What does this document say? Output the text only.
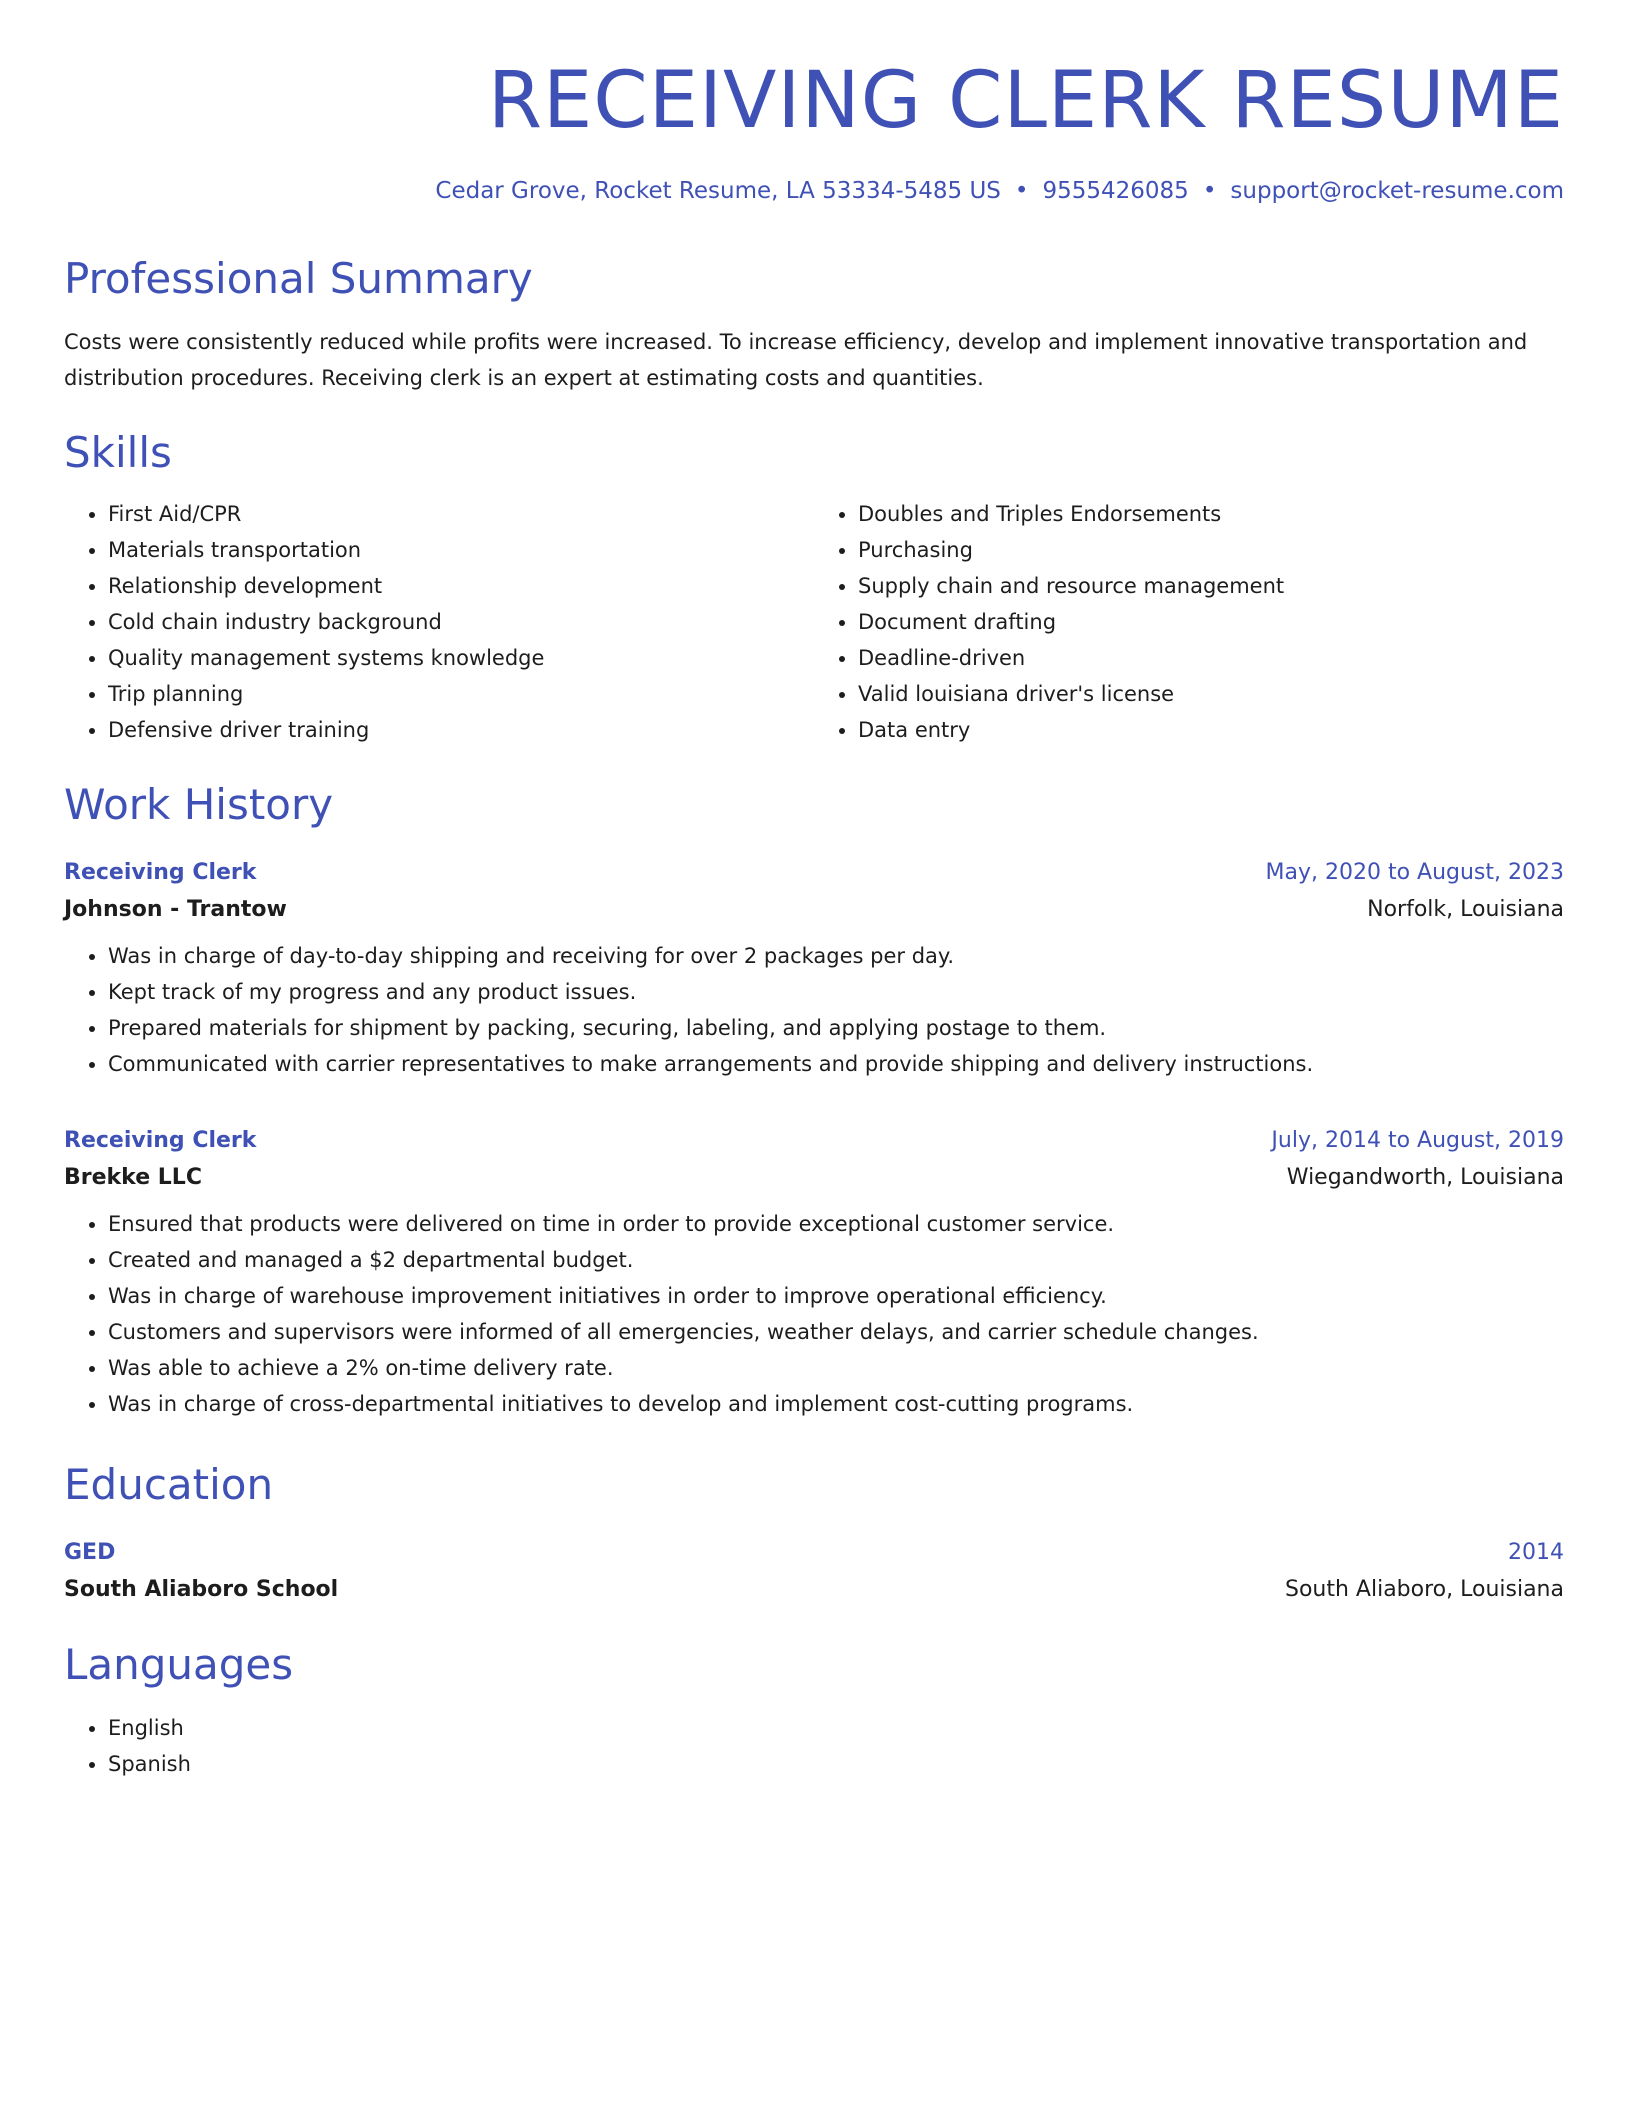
RECEIVING CLERK RESUME
Cedar Grove, Rocket Resume, LA 53334-5485 US • 9555426085 • support@rocket-resume.com
Professional Summary
Costs were consistently reduced while profits were increased. To increase efficiency, develop and implement innovative transportation and distribution procedures. Receiving clerk is an expert at estimating costs and quantities.
Skills
• First Aid/CPR
• Materials transportation
• Relationship development
• Cold chain industry background
• Quality management systems knowledge
• Trip planning
• Defensive driver training
• Doubles and Triples Endorsements
• Purchasing
• Supply chain and resource management
• Document drafting
• Deadline-driven
• Valid louisiana driver's license
• Data entry
Work History
Receiving Clerk	May, 2020 to August, 2023
Johnson - Trantow	Norfolk, Louisiana
• Was in charge of day-to-day shipping and receiving for over 2 packages per day.
• Kept track of my progress and any product issues.
• Prepared materials for shipment by packing, securing, labeling, and applying postage to them.
• Communicated with carrier representatives to make arrangements and provide shipping and delivery instructions.
Receiving Clerk	July, 2014 to August, 2019
Brekke LLC	Wiegandworth, Louisiana
• Ensured that products were delivered on time in order to provide exceptional customer service.
• Created and managed a $2 departmental budget.
• Was in charge of warehouse improvement initiatives in order to improve operational efficiency.
• Customers and supervisors were informed of all emergencies, weather delays, and carrier schedule changes.
• Was able to achieve a 2% on-time delivery rate.
• Was in charge of cross-departmental initiatives to develop and implement cost-cutting programs.
Education
GED	2014
South Aliaboro School	South Aliaboro, Louisiana
Languages
• English
• Spanish
